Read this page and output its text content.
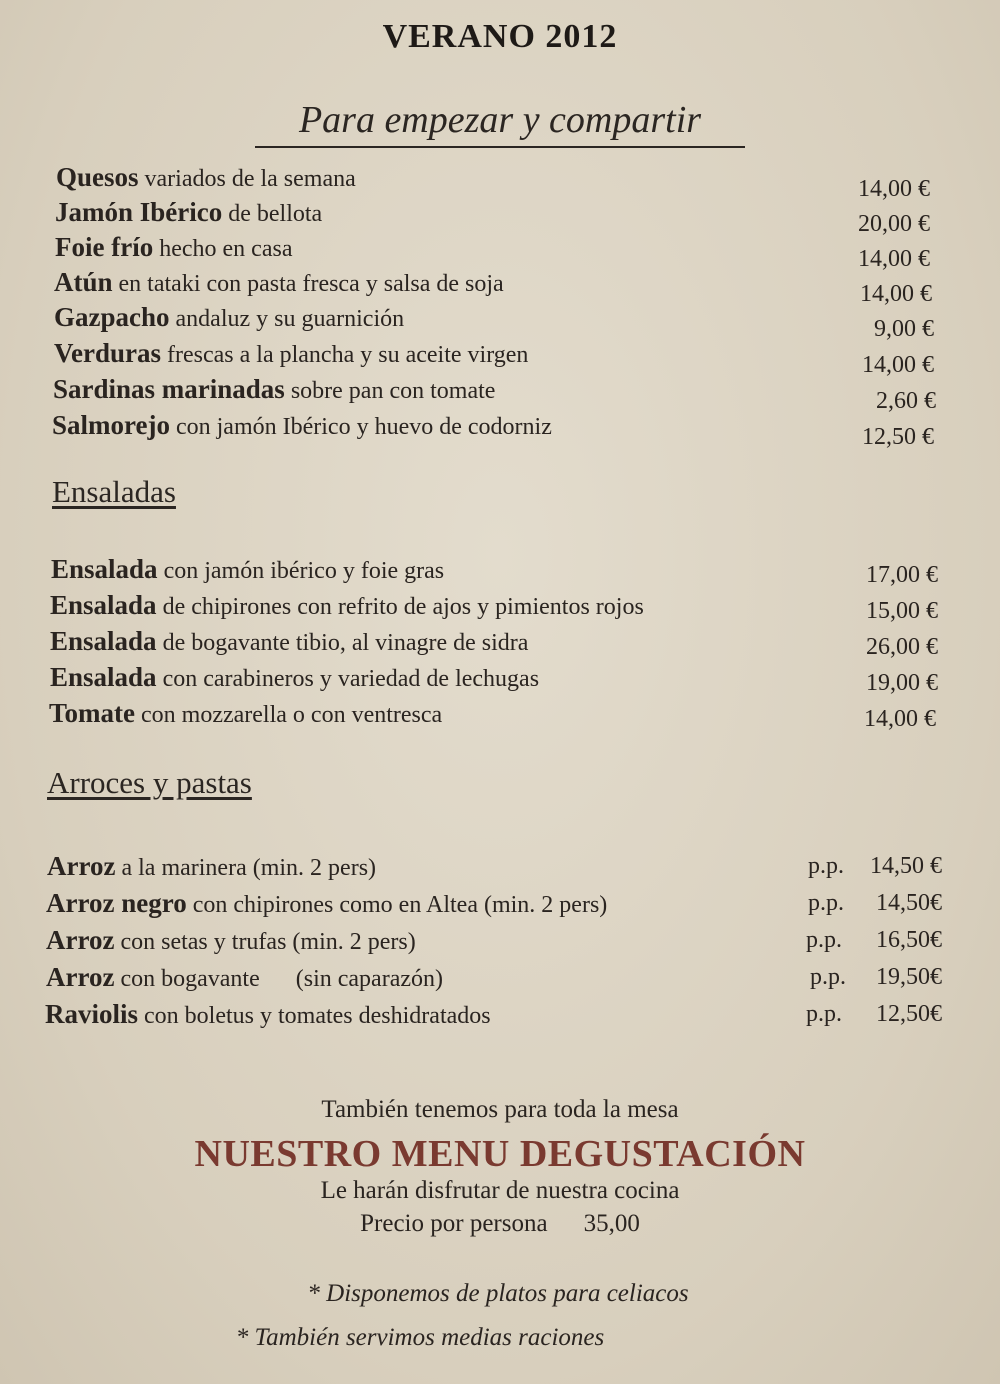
VERANO 2012
Para empezar y compartir
Quesos variados de la semana	14,00 €
Jamón Ibérico de bellota	20,00 €
Foie frío hecho en casa	14,00 €
Atún en tataki con pasta fresca y salsa de soja	14,00 €
Gazpacho andaluz y su guarnición	9,00 €
Verduras frescas a la plancha y su aceite virgen	14,00 €
Sardinas marinadas sobre pan con tomate	2,60 €
Salmorejo con jamón Ibérico y huevo de codorniz	12,50 €
Ensaladas
Ensalada con jamón ibérico y foie gras	17,00 €
Ensalada de chipirones con refrito de ajos y pimientos rojos	15,00 €
Ensalada de bogavante tibio, al vinagre de sidra	26,00 €
Ensalada con carabineros y variedad de lechugas	19,00 €
Tomate con mozzarella o con ventresca	14,00 €
Arroces y pastas
Arroz a la marinera (min. 2 pers)	p.p. 14,50 €
Arroz negro con chipirones como en Altea (min. 2 pers)	p.p. 14,50€
Arroz con setas y trufas (min. 2 pers)	p.p. 16,50€
Arroz con bogavante      (sin caparazón)	p.p. 19,50€
Raviolis con boletus y tomates deshidratados	p.p. 12,50€
También tenemos para toda la mesa
NUESTRO MENU DEGUSTACIÓN
Le harán disfrutar de nuestra cocina
Precio por persona 35,00
* Disponemos de platos para celiacos
* También servimos medias raciones
